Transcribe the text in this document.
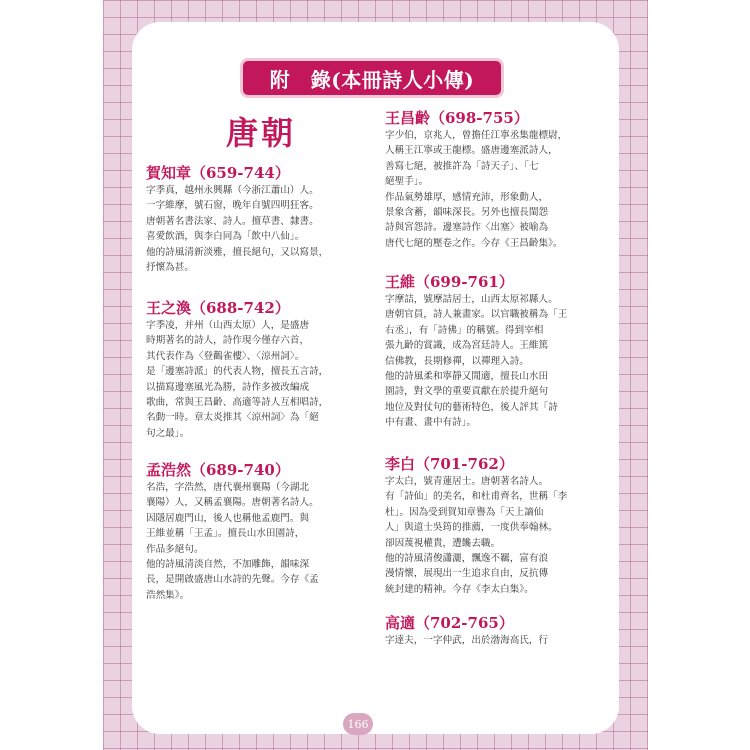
附　錄(本冊詩人小傳)
唐朝
賀知章（659-744）
字季真，越州永興縣（今浙江蕭山）人。
一字維摩，號石窗，晚年自號四明狂客。
唐朝著名書法家、詩人。擅草書、隸書。
喜愛飲酒，與李白同為「飲中八仙」。
他的詩風清新淡雅，擅長絕句，又以寫景，
抒懷為甚。
王之渙（688-742）
字季凌，并州（山西太原）人，是盛唐
時期著名的詩人，詩作現今僅存六首，
其代表作為〈登鸛雀樓〉、〈涼州詞〉。
是「邊塞詩派」的代表人物，擅長五言詩，
以描寫邊塞風光為勝，詩作多被改編成
歌曲，常與王昌齡、高適等詩人互相唱詩，
名動一時。章太炎推其〈涼州詞〉為「絕
句之最」。
孟浩然（689-740）
名浩，字浩然，唐代襄州襄陽（今湖北
襄陽）人，又稱孟襄陽。唐朝著名詩人。
因隱居鹿門山，後人也稱他孟鹿門。與
王維並稱「王孟」。擅長山水田園詩，
作品多絕句。
他的詩風清淡自然，不加雕飾，韻味深
長，是開啟盛唐山水詩的先聲。今存《孟
浩然集》。
王昌齡（698-755）
字少伯，京兆人，曾擔任江寧丞集龍標尉，
人稱王江寧或王龍標。盛唐邊塞派詩人，
善寫七絕，被推許為「詩天子」、「七
絕聖手」。
作品氣勢雄厚，感情充沛，形象動人，
景象含蓄，韻味深長。另外也擅長閨怨
詩與宮怨詩。邊塞詩作〈出塞〉被喻為
唐代七絕的壓卷之作。今存《王昌齡集》。
王維（699-761）
字摩詰，號摩詰居士，山西太原祁縣人。
唐朝官員，詩人兼畫家。以官職被稱為「王
右丞」，有「詩佛」的稱號。得到宰相
張九齡的賞識，成為宮廷詩人。王維篤
信佛教，長期修禪，以禪理入詩。
他的詩風柔和寧靜又閒適，擅長山水田
園詩，對文學的重要貢獻在於提升絕句
地位及對仗句的藝術特色，後人評其「詩
中有畫、畫中有詩」。
李白（701-762）
字太白，號青蓮居士。唐朝著名詩人。
有「詩仙」的美名，和杜甫齊名，世稱「李
杜」。因為受到賀知章譽為「天上謫仙
人」與道士吳筠的推薦，一度供奉翰林。
卻因蔑視權貴，遭饞去職。
他的詩風清俊瀟灑，飄逸不羈，富有浪
漫情懷，展現出一生追求自由，反抗傳
統封建的精神。今存《李太白集》。
高適（702-765）
字達夫，一字仲武，出於渤海高氏，行
166
